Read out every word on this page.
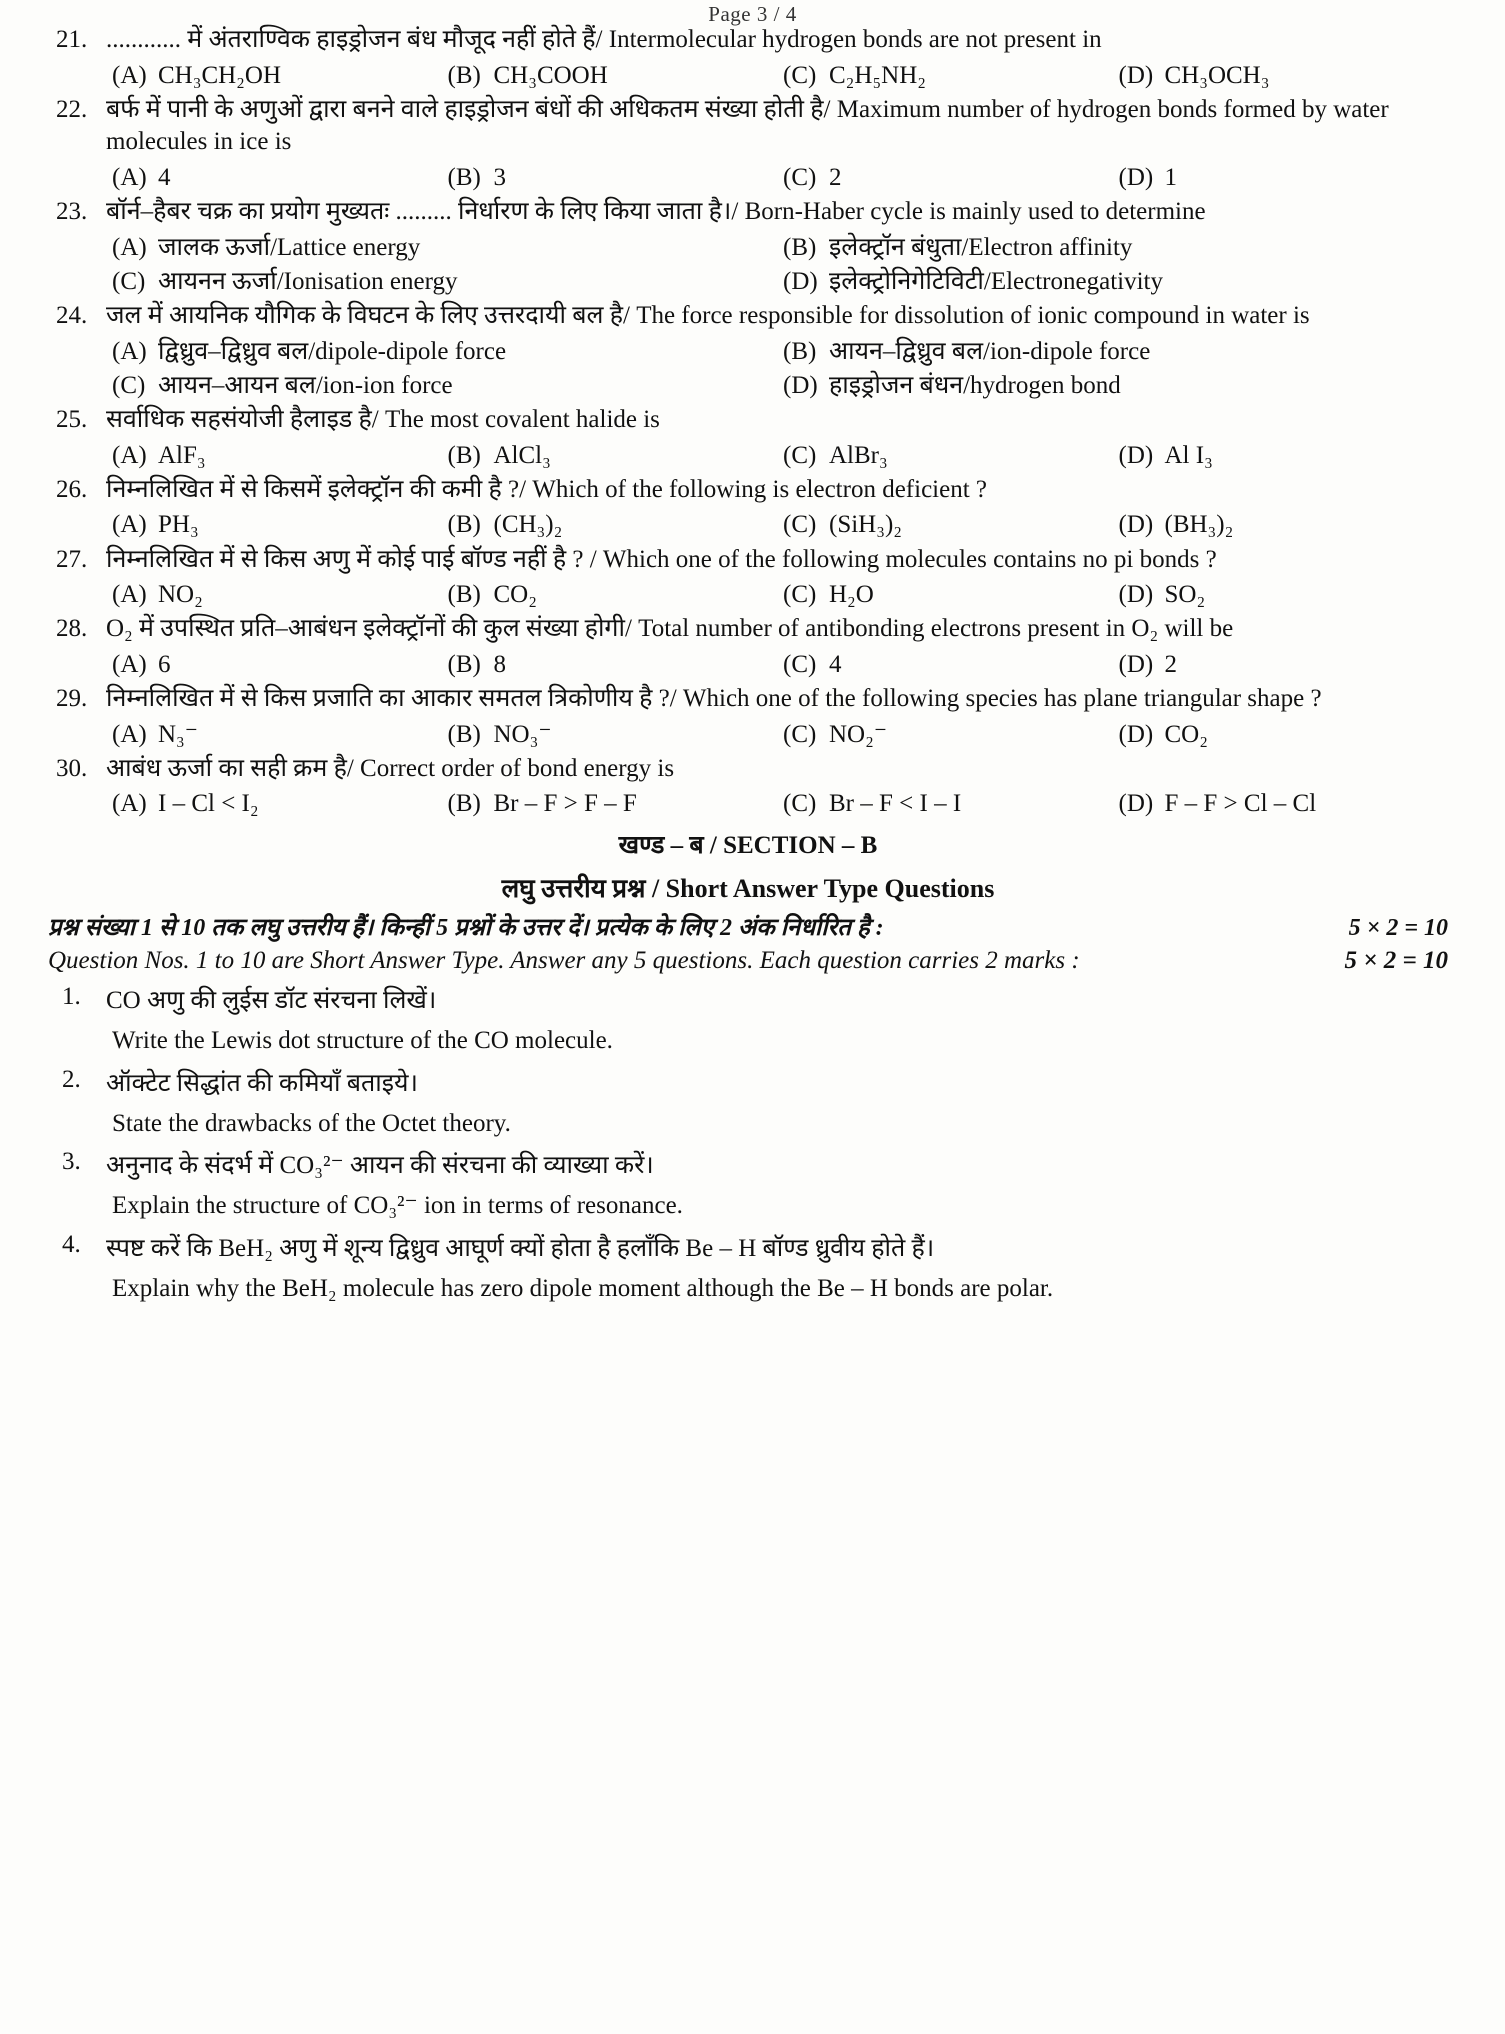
Page 3 / 4
21. ............ में अंतराण्विक हाइड्रोजन बंध मौजूद नहीं होते हैं/ Intermolecular hydrogen bonds are not present in
(A) CH₃CH₂OH	(B) CH₃COOH	(C) C₂H₅NH₂	(D) CH₃OCH₃
22. बर्फ में पानी के अणुओं द्वारा बनने वाले हाइड्रोजन बंधों की अधिकतम संख्या होती है/ Maximum number of hydrogen bonds formed by water molecules in ice is
(A) 4	(B) 3	(C) 2	(D) 1
23. बॉर्न–हैबर चक्र का प्रयोग मुख्यतः ......... निर्धारण के लिए किया जाता है।/ Born-Haber cycle is mainly used to determine
(A) जालक ऊर्जा/Lattice energy	(B) इलेक्ट्रॉन बंधुता/Electron affinity
(C) आयनन ऊर्जा/Ionisation energy	(D) इलेक्ट्रोनिगेटिविटी/Electronegativity
24. जल में आयनिक यौगिक के विघटन के लिए उत्तरदायी बल है/ The force responsible for dissolution of ionic compound in water is
(A) द्विध्रुव–द्विध्रुव बल/dipole-dipole force	(B) आयन–द्विध्रुव बल/ion-dipole force
(C) आयन–आयन बल/ion-ion force	(D) हाइड्रोजन बंधन/hydrogen bond
25. सर्वाधिक सहसंयोजी हैलाइड है/ The most covalent halide is
(A) AlF₃	(B) AlCl₃	(C) AlBr₃	(D) Al I₃
26. निम्नलिखित में से किसमें इलेक्ट्रॉन की कमी है ?/ Which of the following is electron deficient ?
(A) PH₃	(B) (CH₃)₂	(C) (SiH₃)₂	(D) (BH₃)₂
27. निम्नलिखित में से किस अणु में कोई पाई बॉण्ड नहीं है ? / Which one of the following molecules contains no pi bonds ?
(A) NO₂	(B) CO₂	(C) H₂O	(D) SO₂
28. O₂ में उपस्थित प्रति–आबंधन इलेक्ट्रॉनों की कुल संख्या होगी/ Total number of antibonding electrons present in O₂ will be
(A) 6	(B) 8	(C) 4	(D) 2
29. निम्नलिखित में से किस प्रजाति का आकार समतल त्रिकोणीय है ?/ Which one of the following species has plane triangular shape ?
(A) N₃⁻	(B) NO₃⁻	(C) NO₂⁻	(D) CO₂
30. आबंध ऊर्जा का सही क्रम है/ Correct order of bond energy is
(A) I – Cl < I₂	(B) Br – F > F – F	(C) Br – F < I – I	(D) F – F > Cl – Cl
खण्ड – ब / SECTION – B
लघु उत्तरीय प्रश्न / Short Answer Type Questions
5 × 2 = 10
प्रश्न संख्या 1 से 10 तक लघु उत्तरीय हैं। किन्हीं 5 प्रश्नों के उत्तर दें। प्रत्येक के लिए 2 अंक निर्धारित है :
5 × 2 = 10
Question Nos. 1 to 10 are Short Answer Type. Answer any 5 questions. Each question carries 2 marks :
1.	CO अणु की लुईस डॉट संरचना लिखें।
Write the Lewis dot structure of the CO molecule.
2.	ऑक्टेट सिद्धांत की कमियाँ बताइये।
State the drawbacks of the Octet theory.
3.	अनुनाद के संदर्भ में CO₃²⁻ आयन की संरचना की व्याख्या करें।
Explain the structure of CO₃²⁻ ion in terms of resonance.
4.	स्पष्ट करें कि BeH₂ अणु में शून्य द्विध्रुव आघूर्ण क्यों होता है हलाँकि Be – H बॉण्ड ध्रुवीय होते हैं।
Explain why the BeH₂ molecule has zero dipole moment although the Be – H bonds are polar.
